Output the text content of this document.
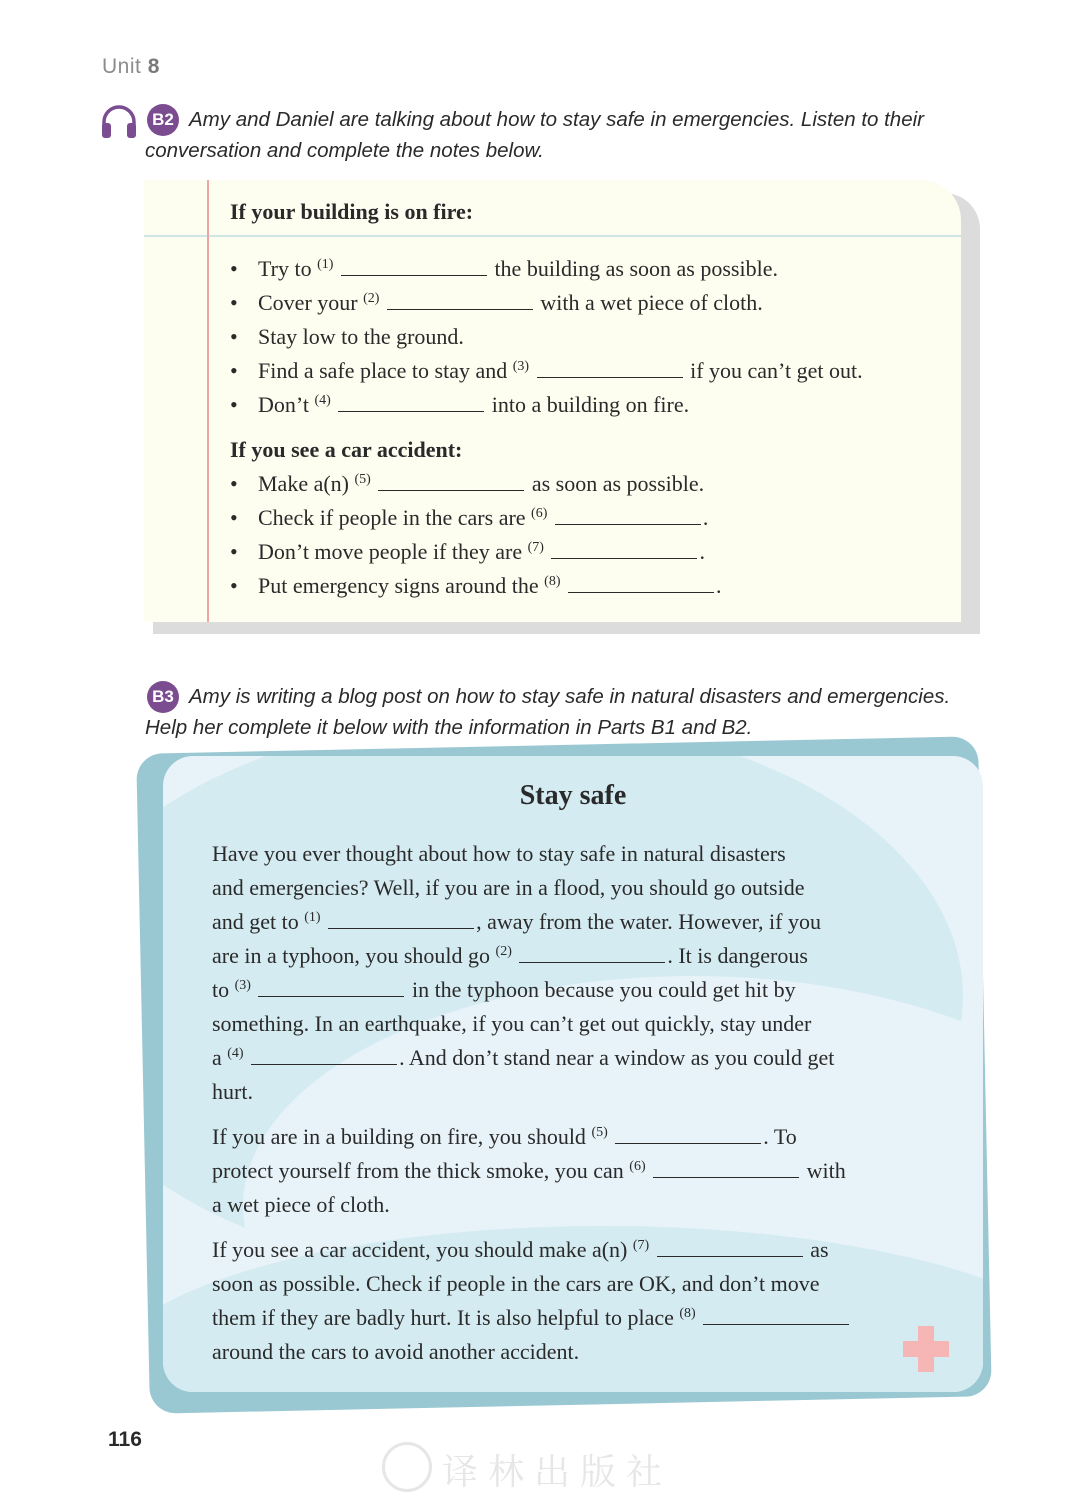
Unit 8
B2 Amy and Daniel are talking about how to stay safe in emergencies. Listen to their
conversation and complete the notes below.
If your building is on fire:
• Try to $^{(1)}$	the building as soon as possible.
• Cover your $^{(2)}$	with a wet piece of cloth.
• Stay low to the ground.
• Find a safe place to stay and $^{(3)}$	if you can’t get out.
• Don’t $^{(4)}$	into a building on fire.
If you see a car accident:
• Make a(n) $^{(5)}$	as soon as possible.
• Check if people in the cars are $^{(6)}$	.
• Don’t move people if they are $^{(7)}$	.
• Put emergency signs around the $^{(8)}$	.
B3 Amy is writing a blog post on how to stay safe in natural disasters and emergencies.
Help her complete it below with the information in Parts B1 and B2.
Stay safe
Have you ever thought about how to stay safe in natural disasters
and emergencies? Well, if you are in a flood, you should go outside
and get to $^{(1)}$	, away from the water. However, if you
are in a typhoon, you should go $^{(2)}$	. It is dangerous
to $^{(3)}$	in the typhoon because you could get hit by
something. In an earthquake, if you can’t get out quickly, stay under
a $^{(4)}$	. And don’t stand near a window as you could get
hurt.
If you are in a building on fire, you should $^{(5)}$	. To
protect yourself from the thick smoke, you can $^{(6)}$	with
a wet piece of cloth.
If you see a car accident, you should make a(n) $^{(7)}$	as
soon as possible. Check if people in the cars are OK, and don’t move
them if they are badly hurt. It is also helpful to place $^{(8)}$
around the cars to avoid another accident.
116
译林出版社
